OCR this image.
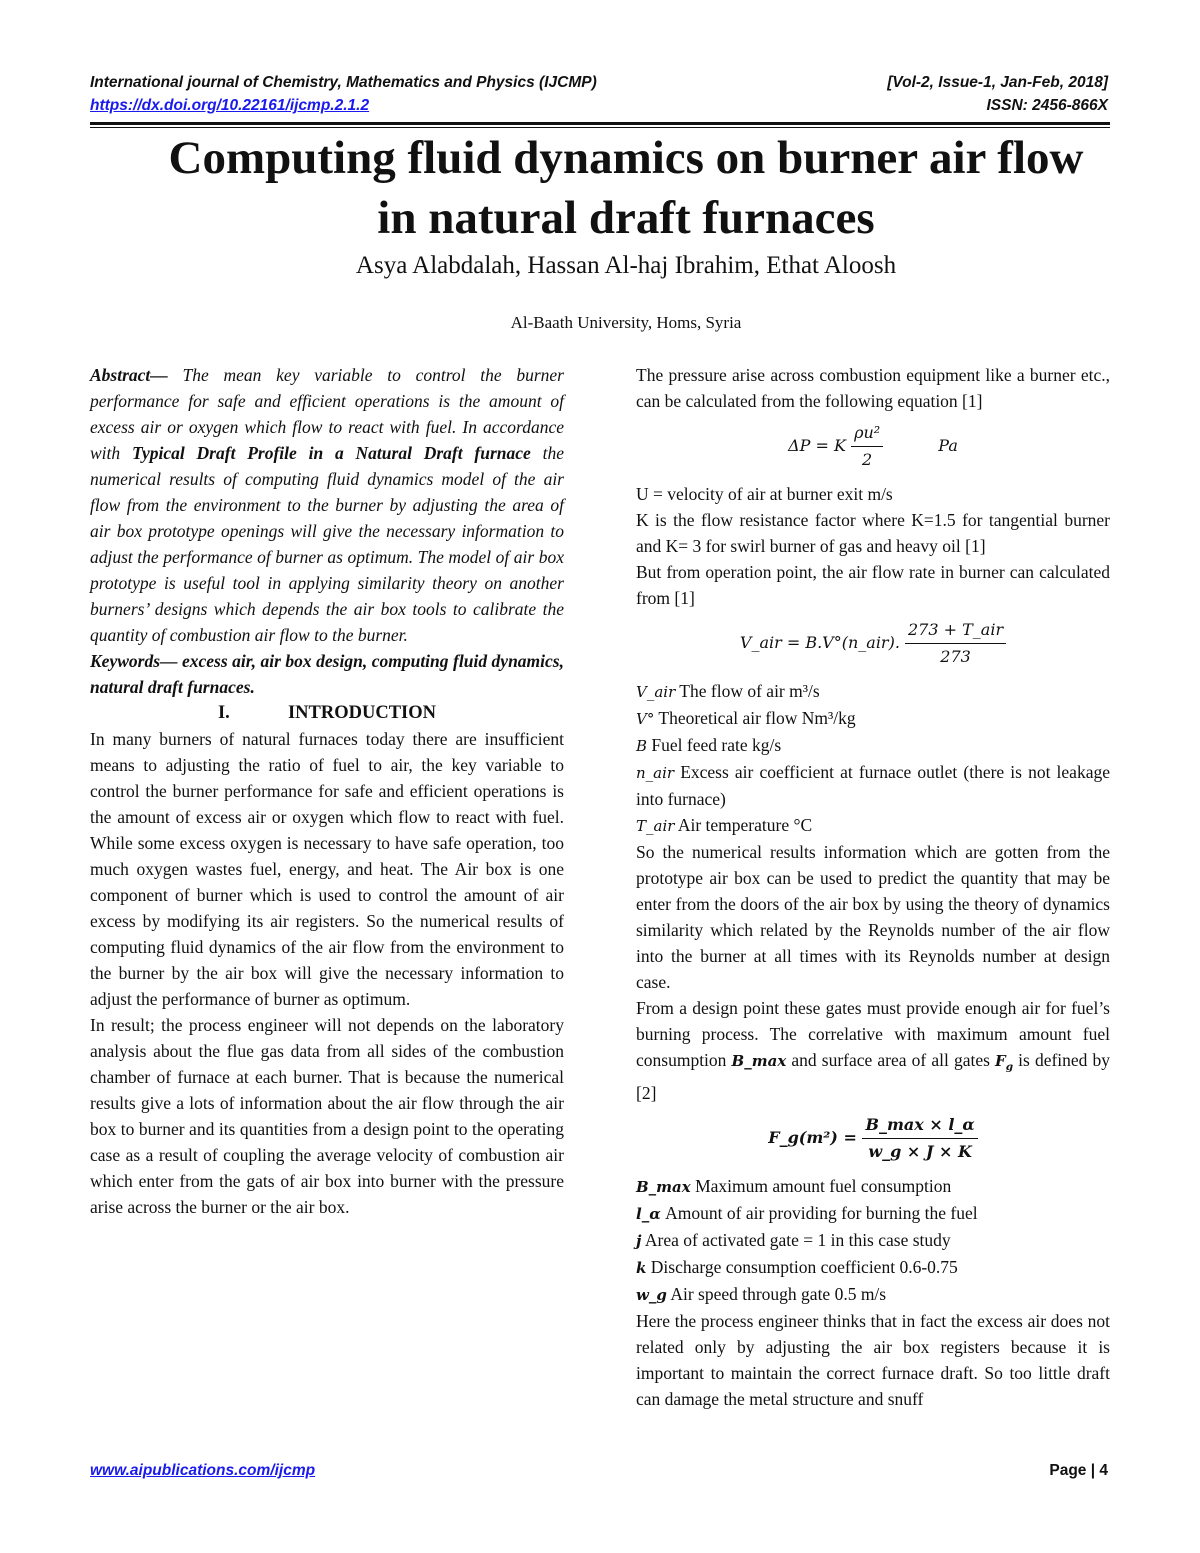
International journal of Chemistry, Mathematics and Physics (IJCMP)	[Vol-2, Issue-1, Jan-Feb, 2018]
https://dx.doi.org/10.22161/ijcmp.2.1.2	ISSN: 2456-866X
Computing fluid dynamics on burner air flow
in natural draft furnaces
Asya Alabdalah, Hassan Al-haj Ibrahim, Ethat Aloosh
Al-Baath University, Homs, Syria

Abstract— The mean key variable to control the burner performance for safe and efficient operations is the amount of excess air or oxygen which flow to react with fuel. In accordance with Typical Draft Profile in a Natural Draft furnace the numerical results of computing fluid dynamics model of the air flow from the environment to the burner by adjusting the area of air box prototype openings will give the necessary information to adjust the performance of burner as optimum. The model of air box prototype is useful tool in applying similarity theory on another burners’ designs which depends the air box tools to calibrate the quantity of combustion air flow to the burner.

Keywords— excess air, air box design, computing fluid dynamics, natural draft furnaces.

I.	INTRODUCTION

In many burners of natural furnaces today there are insufficient means to adjusting the ratio of fuel to air, the key variable to control the burner performance for safe and efficient operations is the amount of excess air or oxygen which flow to react with fuel. While some excess oxygen is necessary to have safe operation, too much oxygen wastes fuel, energy, and heat. The Air box is one component of burner which is used to control the amount of air excess by modifying its air registers. So the numerical results of computing fluid dynamics of the air flow from the environment to the burner by the air box will give the necessary information to adjust the performance of burner as optimum.

In result; the process engineer will not depends on the laboratory analysis about the flue gas data from all sides of the combustion chamber of furnace at each burner. That is because the numerical results give a lots of information about the air flow through the air box to burner and its quantities from a design point to the operating case as a result of coupling the average velocity of combustion air which enter from the gats of air box into burner with the pressure arise across the burner or the air box.

The pressure arise across combustion equipment like a burner etc., can be calculated from the following equation [1]

ΔP = K $\frac{\text{ρu²}}{2}$	Pa

U = velocity of air at burner exit m/s

K is the flow resistance factor where K=1.5 for tangential burner and K= 3 for swirl burner of gas and heavy oil [1]

But from operation point, the air flow rate in burner can calculated from [1]

V_air = B.V°(n_air). $\frac{\text{273 + T\_air}}{273}$

V_air The flow of air m³/s

V° Theoretical air flow Nm³/kg

B Fuel feed rate kg/s

n_air Excess air coefficient at furnace outlet (there is not leakage into furnace)

T_air Air temperature °C

So the numerical results information which are gotten from the prototype air box can be used to predict the quantity that may be enter from the doors of the air box by using the theory of dynamics similarity which related by the Reynolds number of the air flow into the burner at all times with its Reynolds number at design case.

From a design point these gates must provide enough air for fuel’s burning process. The correlative with maximum amount fuel consumption B_max and surface area of all gates $F_g$ is defined by [2]

F_g(m²) = $\frac{B\_\max \times l\_\alpha}{w\_g \times J \times K}$

B_max Maximum amount fuel consumption

l_α Amount of air providing for burning the fuel

j Area of activated gate = 1 in this case study

k Discharge consumption coefficient 0.6-0.75

w_g Air speed through gate 0.5 m/s

Here the process engineer thinks that in fact the excess air does not related only by adjusting the air box registers because it is important to maintain the correct furnace draft. So too little draft can damage the metal structure and snuff

www.aipublications.com/ijcmp	Page | 4
